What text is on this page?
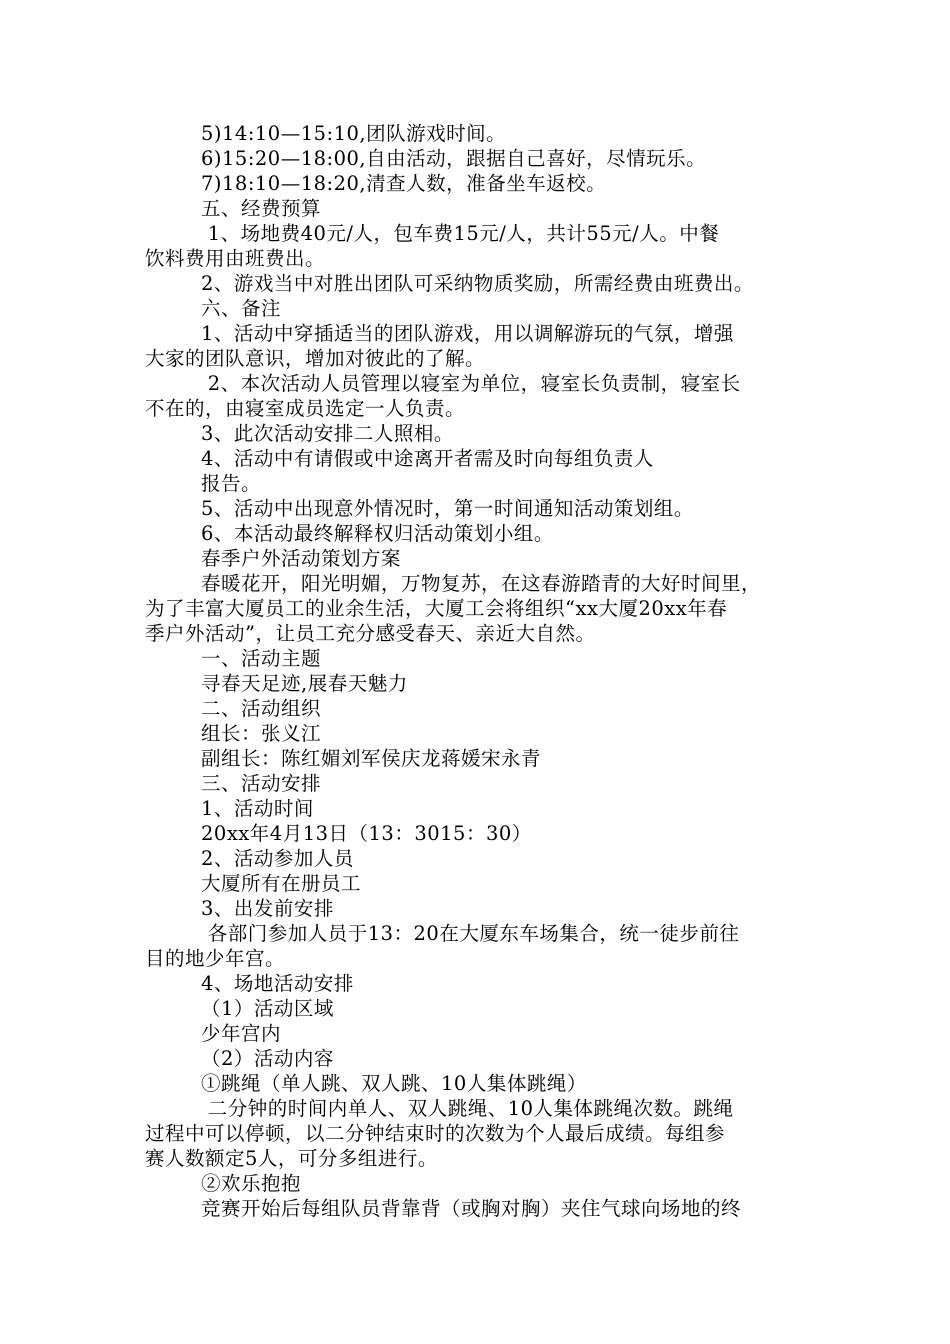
5)14:10—15:10,团队游戏时间。
6)15:20—18:00,自由活动，跟据自己喜好，尽情玩乐。
7)18:10—18:20,清查人数，准备坐车返校。
五、经费预算
1、场地费40元/人，包车费15元/人，共计55元/人。中餐
饮料费用由班费出。
2、游戏当中对胜出团队可采纳物质奖励，所需经费由班费出。
六、备注
1、活动中穿插适当的团队游戏，用以调解游玩的气氛，增强
大家的团队意识，增加对彼此的了解。
2、本次活动人员管理以寝室为单位，寝室长负责制，寝室长
不在的，由寝室成员选定一人负责。
3、此次活动安排二人照相。
4、活动中有请假或中途离开者需及时向每组负责人
报告。
5、活动中出现意外情况时，第一时间通知活动策划组。
6、本活动最终解释权归活动策划小组。
春季户外活动策划方案
春暖花开，阳光明媚，万物复苏，在这春游踏青的大好时间里，
为了丰富大厦员工的业余生活，大厦工会将组织“xx大厦20xx年春
季户外活动”，让员工充分感受春天、亲近大自然。
一、活动主题
寻春天足迹,展春天魅力
二、活动组织
组长：张义江
副组长：陈红媚刘军侯庆龙蒋媛宋永青
三、活动安排
1、活动时间
20xx年4月13日（13：3015：30）
2、活动参加人员
大厦所有在册员工
3、出发前安排
各部门参加人员于13：20在大厦东车场集合，统一徒步前往
目的地少年宫。
4、场地活动安排
（1）活动区域
少年宫内
（2）活动内容
①跳绳（单人跳、双人跳、10人集体跳绳）
二分钟的时间内单人、双人跳绳、10人集体跳绳次数。跳绳
过程中可以停顿，以二分钟结束时的次数为个人最后成绩。每组参
赛人数额定5人，可分多组进行。
②欢乐抱抱
竞赛开始后每组队员背靠背（或胸对胸）夹住气球向场地的终
